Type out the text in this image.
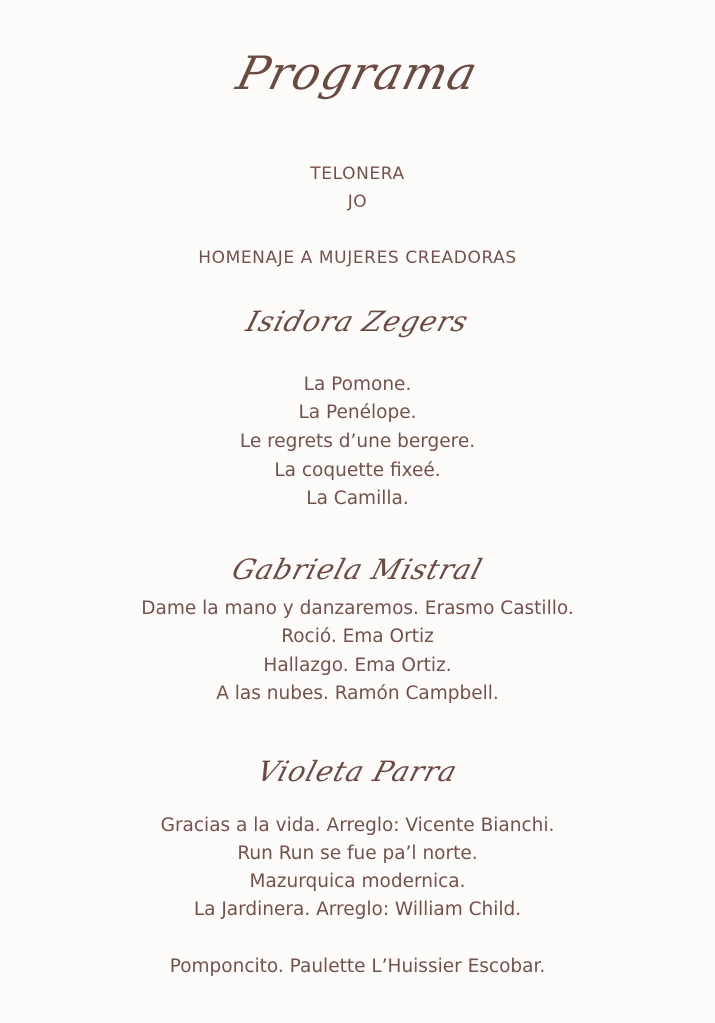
Programa
TELONERA
JO
HOMENAJE A MUJERES CREADORAS
Isidora Zegers
La Pomone.
La Penélope.
Le regrets d’une bergere.
La coquette fixeé.
La Camilla.
Gabriela Mistral
Dame la mano y danzaremos. Erasmo Castillo.
Roció. Ema Ortiz
Hallazgo. Ema Ortiz.
A las nubes. Ramón Campbell.
Violeta Parra
Gracias a la vida. Arreglo: Vicente Bianchi.
Run Run se fue pa’l norte.
Mazurquica modernica.
La Jardinera. Arreglo: William Child.
Pomponcito. Paulette L’Huissier Escobar.
